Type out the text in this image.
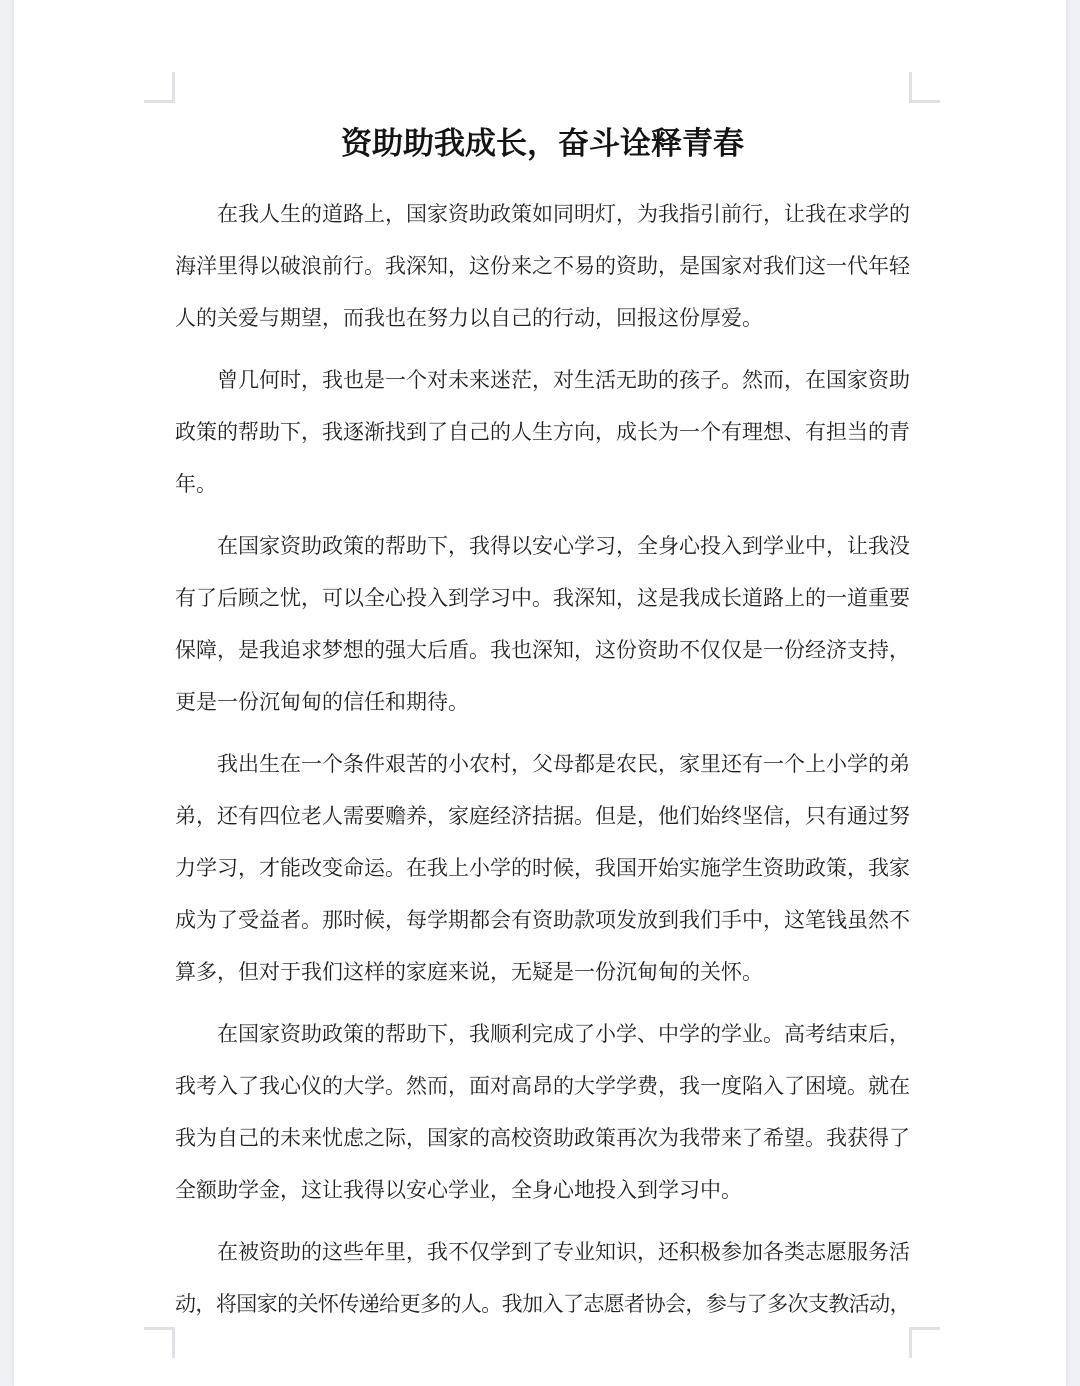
资助助我成长，奋斗诠释青春
在我人生的道路上，国家资助政策如同明灯，为我指引前行，让我在求学的
海洋里得以破浪前行。我深知，这份来之不易的资助，是国家对我们这一代年轻
人的关爱与期望，而我也在努力以自己的行动，回报这份厚爱。
曾几何时，我也是一个对未来迷茫，对生活无助的孩子。然而，在国家资助
政策的帮助下，我逐渐找到了自己的人生方向，成长为一个有理想、有担当的青
年。
在国家资助政策的帮助下，我得以安心学习，全身心投入到学业中，让我没
有了后顾之忧，可以全心投入到学习中。我深知，这是我成长道路上的一道重要
保障，是我追求梦想的强大后盾。我也深知，这份资助不仅仅是一份经济支持，
更是一份沉甸甸的信任和期待。
我出生在一个条件艰苦的小农村，父母都是农民，家里还有一个上小学的弟
弟，还有四位老人需要赡养，家庭经济拮据。但是，他们始终坚信，只有通过努
力学习，才能改变命运。在我上小学的时候，我国开始实施学生资助政策，我家
成为了受益者。那时候，每学期都会有资助款项发放到我们手中，这笔钱虽然不
算多，但对于我们这样的家庭来说，无疑是一份沉甸甸的关怀。
在国家资助政策的帮助下，我顺利完成了小学、中学的学业。高考结束后，
我考入了我心仪的大学。然而，面对高昂的大学学费，我一度陷入了困境。就在
我为自己的未来忧虑之际，国家的高校资助政策再次为我带来了希望。我获得了
全额助学金，这让我得以安心学业，全身心地投入到学习中。
在被资助的这些年里，我不仅学到了专业知识，还积极参加各类志愿服务活
动，将国家的关怀传递给更多的人。我加入了志愿者协会，参与了多次支教活动，
